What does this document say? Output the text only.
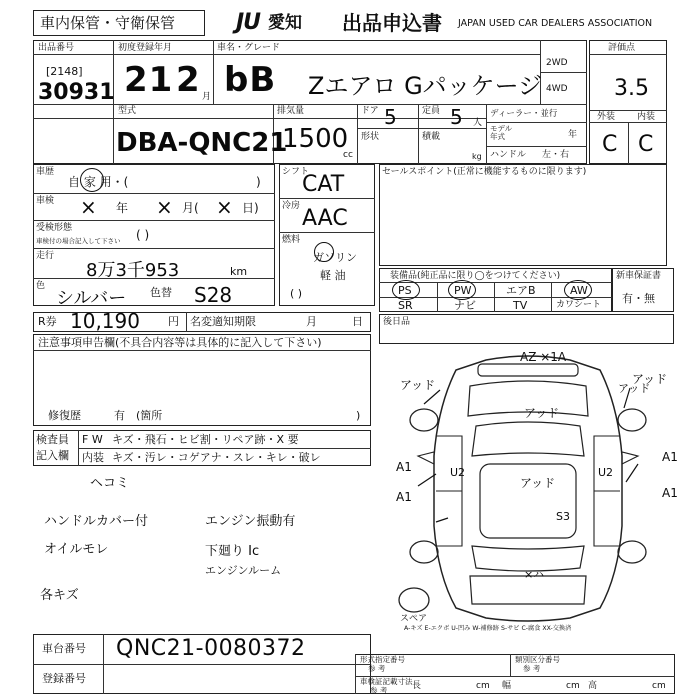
車内保管・守衛保管	JU 愛知 出品申込書 JAPAN USED CAR DEALERS ASSOCIATION
出品番号
[2148]
30931
初度登録年月
21 2 月
車名・グレード
bB Zエアロ Gパッケージ
2WD
4WD
評価点
3.5
型式
DBA-QNC21
排気量
1500
cc
ドア 5
形状
定員 5 人
積載
kg
ディーラー・並行
モデル 年式	年
ハンドル 左・右
外装 内装
C C
車歴
自 家 用・(	)
車検 × 年 × 月( × 日)
受検形態
車検付の場合記入して下さい ( )
走行
8万3千953	km
色
シルバー 色替 S28
シフト
CAT
冷房 AAC
燃料
ガソリン
軽 油
( )
セールスポイント(正常に機能するものに限ります)
装備品(純正品に限り◯をつけてください)
PS	PW	エアB	AW
SR	ナビ	TV	カワシート
新車保証書
有・無
R券 10,190	円 名変適知期限	月	日 後日品
注意事項申告欄(不具合内容等は具体的に記入して下さい)
修復歴	有 (箇所	)
検査員
記入欄
F W キズ・飛石・ヒビ割・リペア跡・X 要
内装 キズ・汚レ・コゲアナ・スレ・キレ・破レ
ヘコミ
ハンドルカバー付
オイルモレ
エンジン振動有
下廻り Ic
エンジンルーム
各キズ
AZ ×1A
アッド	アッド
アッド
A1
A1
A1
U2	U2
アッド
S3
×ハ
A1
アッド
スペア
A-キズ E-エクボ U-凹み W-補修跡 S-サビ C-腐食 XX-交換済
車台番号 QNC21-0080372
登録番号
形式指定番号
参 考
類別区分番号
参 考
車検証記載寸法
参 考	長	cm 幅	cm 高	cm
